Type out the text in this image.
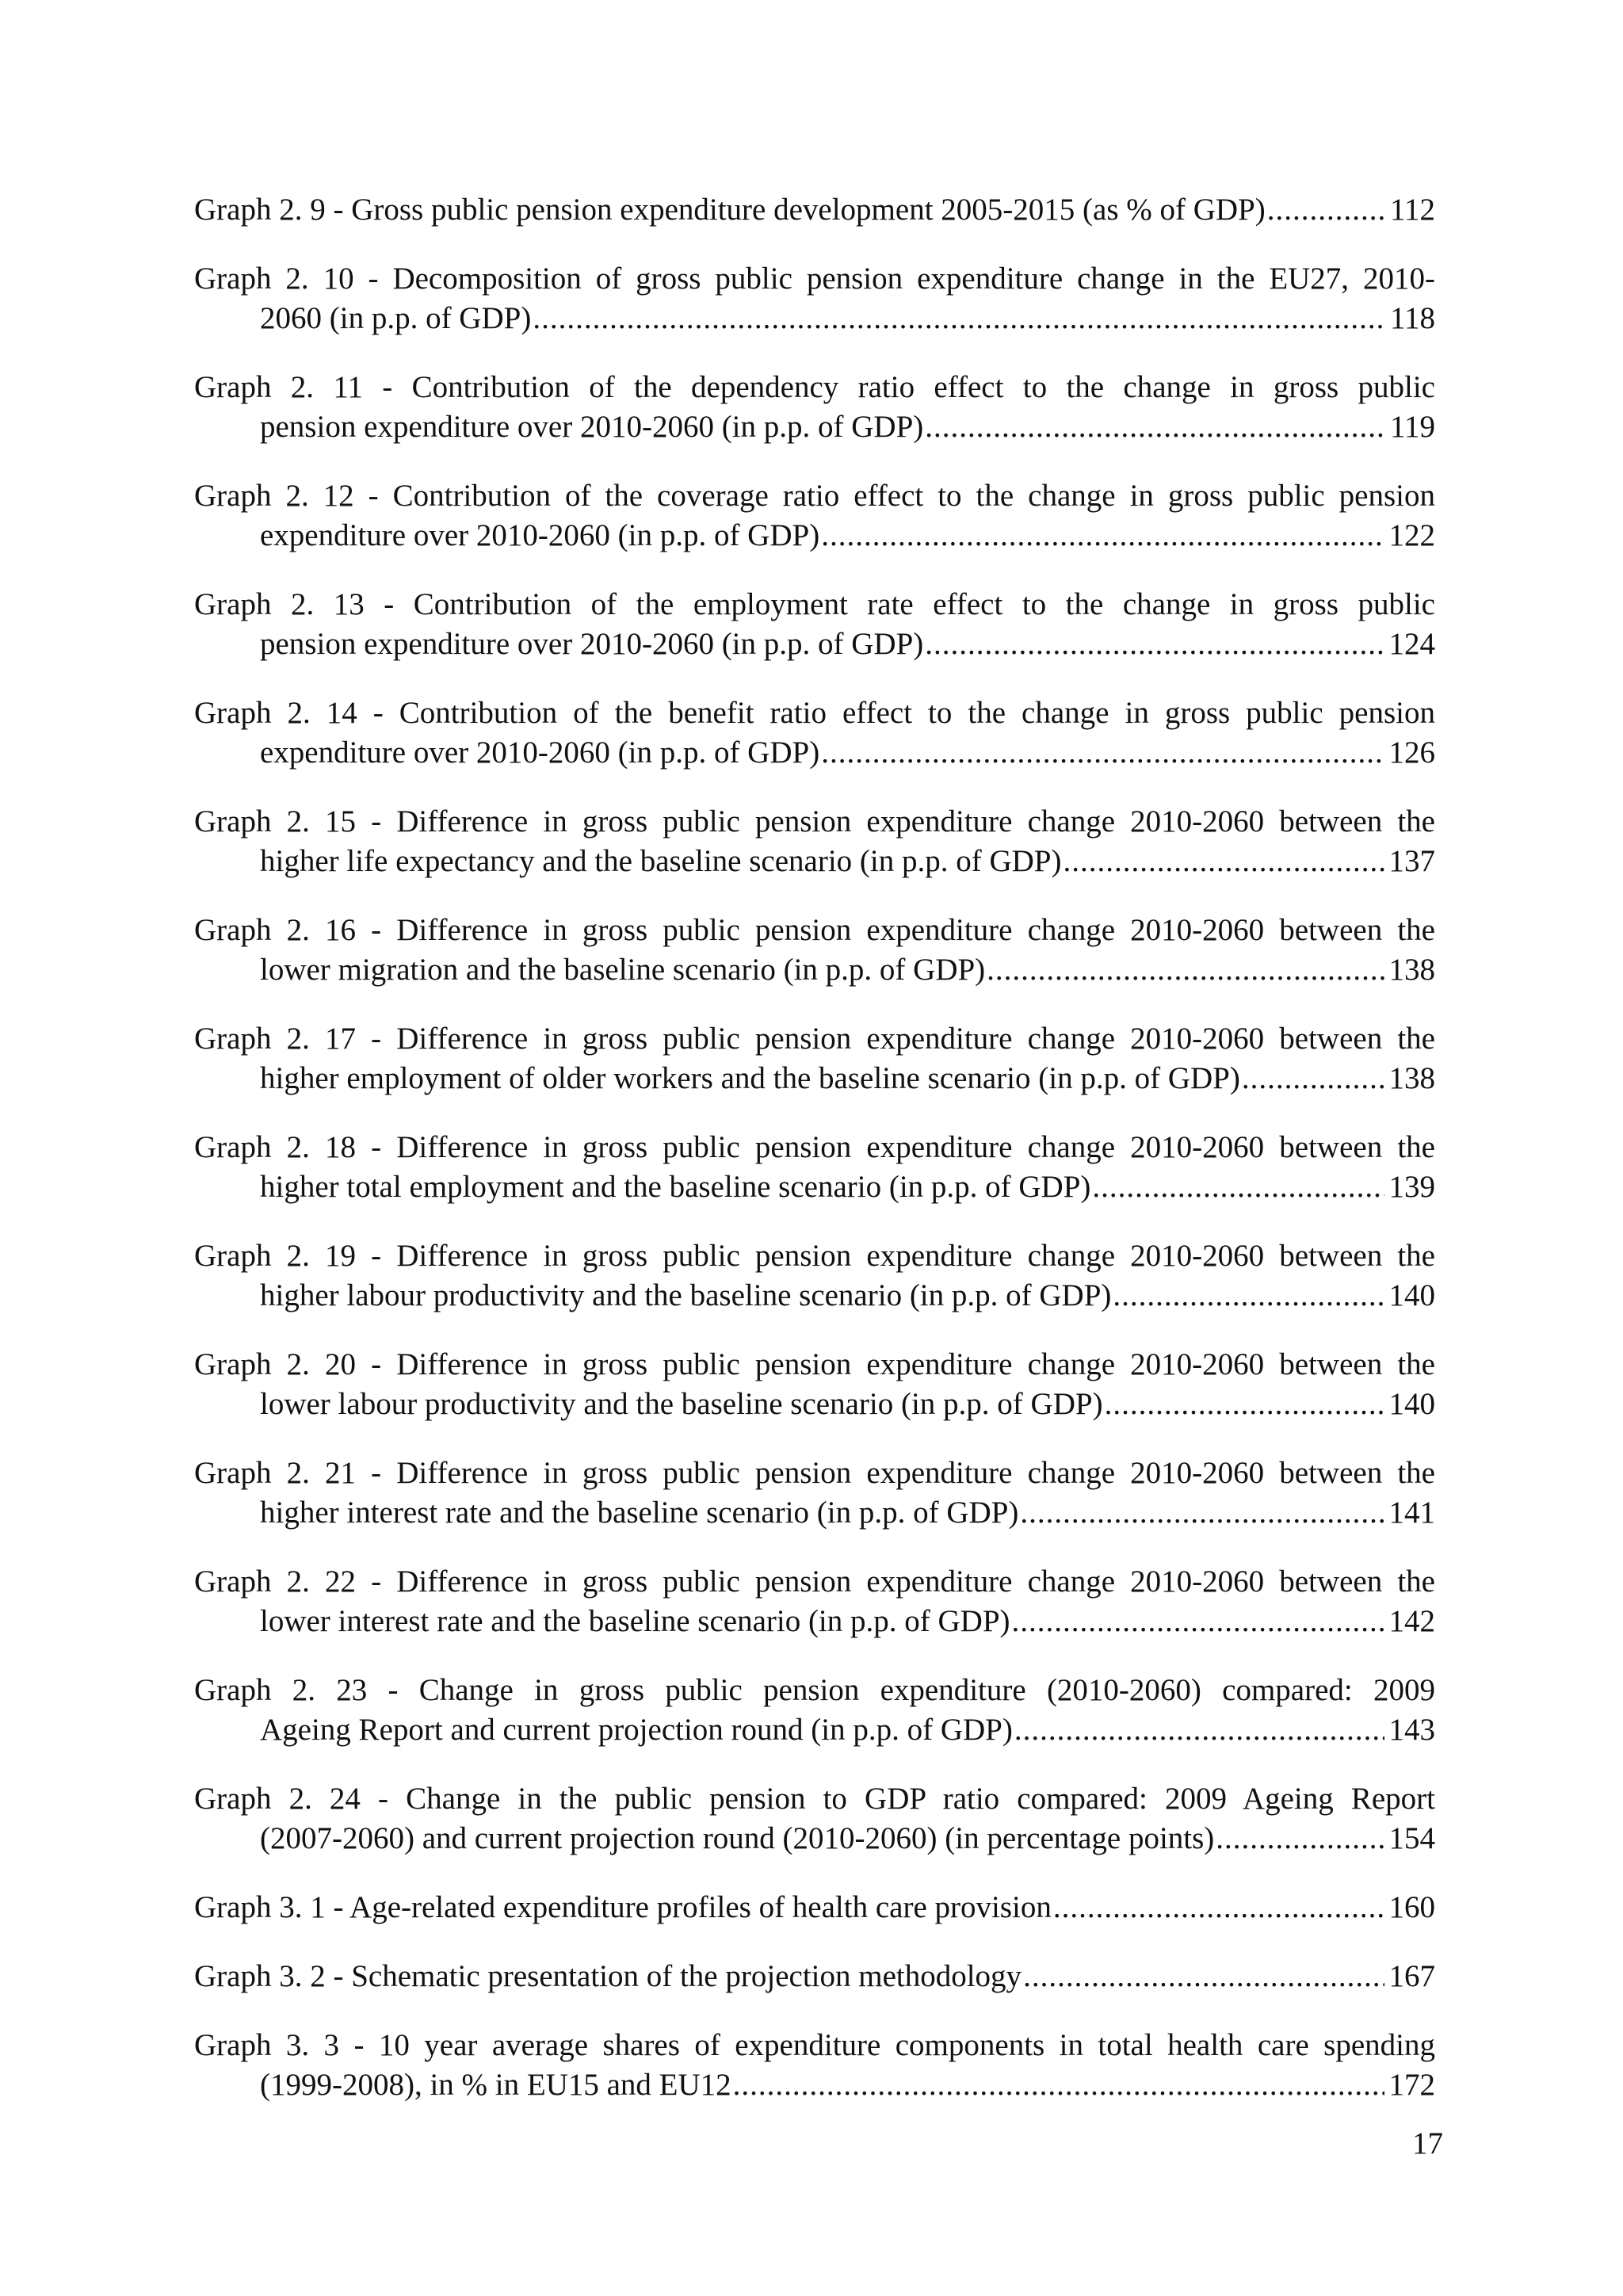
Graph 2. 9 - Gross public pension expenditure development 2005-2015 (as % of GDP) .....	112
Graph 2. 10 - Decomposition of gross public pension expenditure change in the EU27, 2010-
2060 (in p.p. of GDP) .....	118
Graph 2. 11 - Contribution of the dependency ratio effect to the change in gross public
pension expenditure over 2010-2060 (in p.p. of GDP) .....	119
Graph 2. 12 - Contribution of the coverage ratio effect to the change in gross public pension
expenditure over 2010-2060 (in p.p. of GDP) .....	122
Graph 2. 13 - Contribution of the employment rate effect to the change in gross public
pension expenditure over 2010-2060 (in p.p. of GDP) .....	124
Graph 2. 14 - Contribution of the benefit ratio effect to the change in gross public pension
expenditure over 2010-2060 (in p.p. of GDP) .....	126
Graph 2. 15 - Difference in gross public pension expenditure change 2010-2060 between the
higher life expectancy and the baseline scenario (in p.p. of GDP) .....	137
Graph 2. 16 - Difference in gross public pension expenditure change 2010-2060 between the
lower migration and the baseline scenario (in p.p. of GDP) .....	138
Graph 2. 17 - Difference in gross public pension expenditure change 2010-2060 between the
higher employment of older workers and the baseline scenario (in p.p. of GDP) .....	138
Graph 2. 18 - Difference in gross public pension expenditure change 2010-2060 between the
higher total employment and the baseline scenario (in p.p. of GDP) .....	139
Graph 2. 19 - Difference in gross public pension expenditure change 2010-2060 between the
higher labour productivity and the baseline scenario (in p.p. of GDP) .....	140
Graph 2. 20 - Difference in gross public pension expenditure change 2010-2060 between the
lower labour productivity and the baseline scenario (in p.p. of GDP) .....	140
Graph 2. 21 - Difference in gross public pension expenditure change 2010-2060 between the
higher interest rate and the baseline scenario (in p.p. of GDP) .....	141
Graph 2. 22 - Difference in gross public pension expenditure change 2010-2060 between the
lower interest rate and the baseline scenario (in p.p. of GDP) .....	142
Graph 2. 23 - Change in gross public pension expenditure (2010-2060) compared: 2009
Ageing Report and current projection round (in p.p. of GDP) .....	143
Graph 2. 24 - Change in the public pension to GDP ratio compared: 2009 Ageing Report
(2007-2060) and current projection round (2010-2060) (in percentage points) .....	154
Graph 3. 1 - Age-related expenditure profiles of health care provision .....	160
Graph 3. 2 - Schematic presentation of the projection methodology .....	167
Graph 3. 3 - 10 year average shares of expenditure components in total health care spending
(1999-2008), in % in EU15 and EU12 .....	172
17
